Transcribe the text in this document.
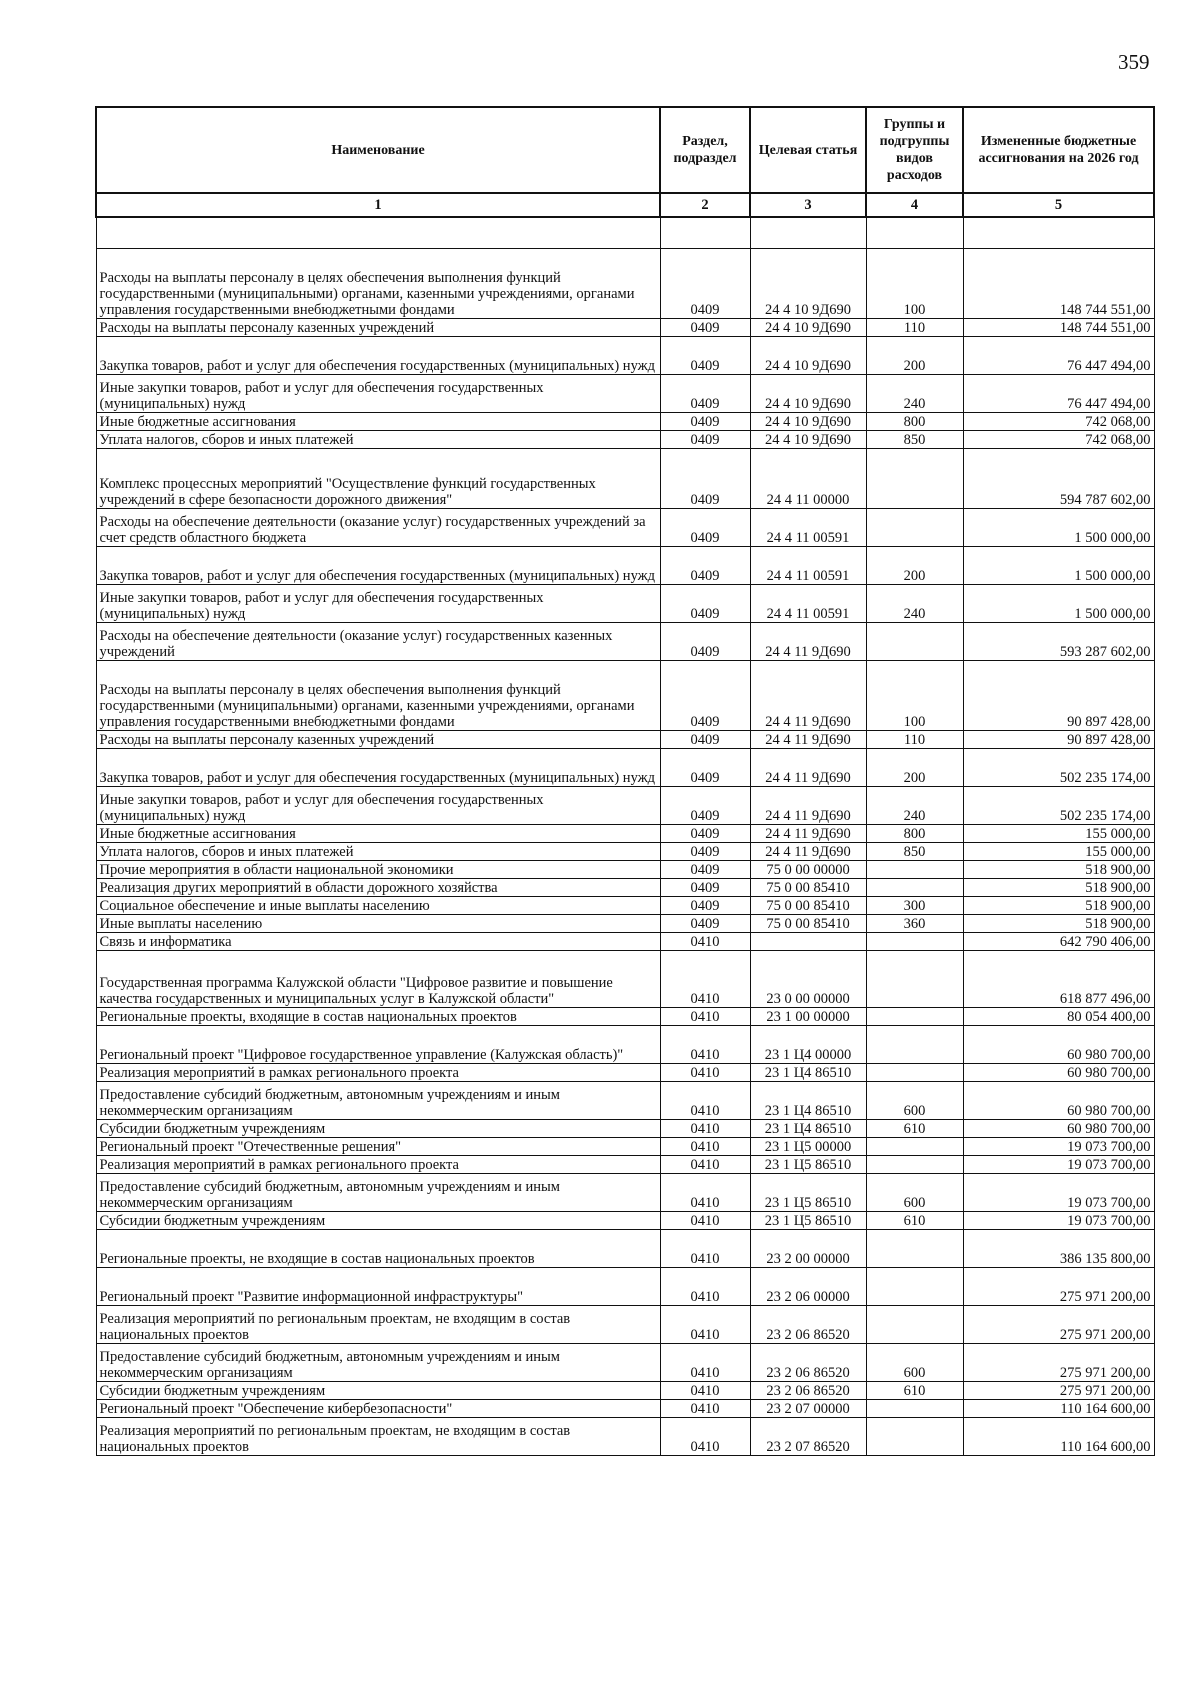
359
Наименование	Раздел, подраздел	Целевая статья	Группы и подгруппы видов расходов	Измененные бюджетные ассигнования на 2026 год
1	2	3	4	5

Расходы на выплаты персоналу в целях обеспечения выполнения функций государственными (муниципальными) органами, казенными учреждениями, органами управления государственными внебюджетными фондами	0409	24 4 10 9Д690	100	148 744 551,00
Расходы на выплаты персоналу казенных учреждений	0409	24 4 10 9Д690	110	148 744 551,00
Закупка товаров, работ и услуг для обеспечения государственных (муниципальных) нужд	0409	24 4 10 9Д690	200	76 447 494,00
Иные закупки товаров, работ и услуг для обеспечения государственных (муниципальных) нужд	0409	24 4 10 9Д690	240	76 447 494,00
Иные бюджетные ассигнования	0409	24 4 10 9Д690	800	742 068,00
Уплата налогов, сборов и иных платежей	0409	24 4 10 9Д690	850	742 068,00
Комплекс процессных мероприятий "Осуществление функций государственных учреждений в сфере безопасности дорожного движения"	0409	24 4 11 00000		594 787 602,00
Расходы на обеспечение деятельности (оказание услуг) государственных учреждений за счет средств областного бюджета	0409	24 4 11 00591		1 500 000,00
Закупка товаров, работ и услуг для обеспечения государственных (муниципальных) нужд	0409	24 4 11 00591	200	1 500 000,00
Иные закупки товаров, работ и услуг для обеспечения государственных (муниципальных) нужд	0409	24 4 11 00591	240	1 500 000,00
Расходы на обеспечение деятельности (оказание услуг) государственных казенных учреждений	0409	24 4 11 9Д690		593 287 602,00
Расходы на выплаты персоналу в целях обеспечения выполнения функций государственными (муниципальными) органами, казенными учреждениями, органами управления государственными внебюджетными фондами	0409	24 4 11 9Д690	100	90 897 428,00
Расходы на выплаты персоналу казенных учреждений	0409	24 4 11 9Д690	110	90 897 428,00
Закупка товаров, работ и услуг для обеспечения государственных (муниципальных) нужд	0409	24 4 11 9Д690	200	502 235 174,00
Иные закупки товаров, работ и услуг для обеспечения государственных (муниципальных) нужд	0409	24 4 11 9Д690	240	502 235 174,00
Иные бюджетные ассигнования	0409	24 4 11 9Д690	800	155 000,00
Уплата налогов, сборов и иных платежей	0409	24 4 11 9Д690	850	155 000,00
Прочие мероприятия в области национальной экономики	0409	75 0 00 00000		518 900,00
Реализация других мероприятий в области дорожного хозяйства	0409	75 0 00 85410		518 900,00
Социальное обеспечение и иные выплаты населению	0409	75 0 00 85410	300	518 900,00
Иные выплаты населению	0409	75 0 00 85410	360	518 900,00
Связь и информатика	0410			642 790 406,00
Государственная программа Калужской области "Цифровое развитие и повышение качества государственных и муниципальных услуг в Калужской области"	0410	23 0 00 00000		618 877 496,00
Региональные проекты, входящие в состав национальных проектов	0410	23 1 00 00000		80 054 400,00
Региональный проект "Цифровое государственное управление (Калужская область)"	0410	23 1 Ц4 00000		60 980 700,00
Реализация мероприятий в рамках регионального проекта	0410	23 1 Ц4 86510		60 980 700,00
Предоставление субсидий бюджетным, автономным учреждениям и иным некоммерческим организациям	0410	23 1 Ц4 86510	600	60 980 700,00
Субсидии бюджетным учреждениям	0410	23 1 Ц4 86510	610	60 980 700,00
Региональный проект "Отечественные решения"	0410	23 1 Ц5 00000		19 073 700,00
Реализация мероприятий в рамках регионального проекта	0410	23 1 Ц5 86510		19 073 700,00
Предоставление субсидий бюджетным, автономным учреждениям и иным некоммерческим организациям	0410	23 1 Ц5 86510	600	19 073 700,00
Субсидии бюджетным учреждениям	0410	23 1 Ц5 86510	610	19 073 700,00
Региональные проекты, не входящие в состав национальных проектов	0410	23 2 00 00000		386 135 800,00
Региональный проект "Развитие информационной инфраструктуры"	0410	23 2 06 00000		275 971 200,00
Реализация мероприятий по региональным проектам, не входящим в состав национальных проектов	0410	23 2 06 86520		275 971 200,00
Предоставление субсидий бюджетным, автономным учреждениям и иным некоммерческим организациям	0410	23 2 06 86520	600	275 971 200,00
Субсидии бюджетным учреждениям	0410	23 2 06 86520	610	275 971 200,00
Региональный проект "Обеспечение кибербезопасности"	0410	23 2 07 00000		110 164 600,00
Реализация мероприятий по региональным проектам, не входящим в состав национальных проектов	0410	23 2 07 86520		110 164 600,00
